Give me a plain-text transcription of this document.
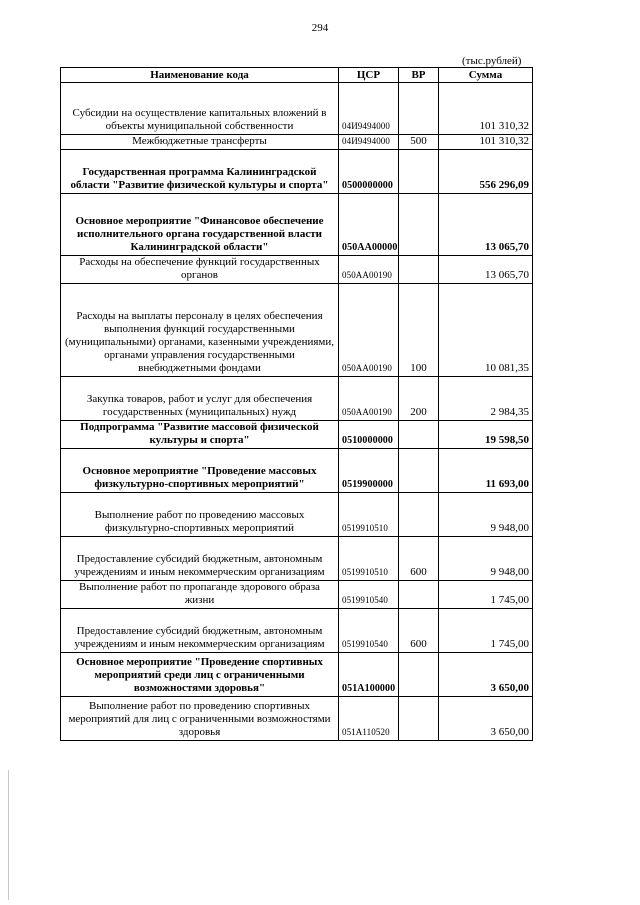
294
(тыс.рублей)
Наименование кода	ЦСР	ВР	Сумма
Субсидии на осуществление капитальных вложений в объекты муниципальной собственности	04И9494000		101 310,32
Межбюджетные трансферты	04И9494000	500	101 310,32
Государственная программа Калининградской области "Развитие физической культуры и спорта"	0500000000		556 296,09
Основное мероприятие "Финансовое обеспечение исполнительного органа государственной власти Калининградской области"	050АА00000		13 065,70
Расходы на обеспечение функций государственных органов	050АА00190		13 065,70
Расходы на выплаты персоналу в целях обеспечения выполнения функций государственными (муниципальными) органами, казенными учреждениями, органами управления государственными внебюджетными фондами	050АА00190	100	10 081,35
Закупка товаров, работ и услуг для обеспечения государственных (муниципальных) нужд	050АА00190	200	2 984,35
Подпрограмма "Развитие массовой физической культуры и спорта"	0510000000		19 598,50
Основное мероприятие "Проведение массовых физкультурно-спортивных мероприятий"	0519900000		11 693,00
Выполнение работ по проведению массовых физкультурно-спортивных мероприятий	0519910510		9 948,00
Предоставление субсидий бюджетным, автономным учреждениям и иным некоммерческим организациям	0519910510	600	9 948,00
Выполнение работ по пропаганде здорового образа жизни	0519910540		1 745,00
Предоставление субсидий бюджетным, автономным учреждениям и иным некоммерческим организациям	0519910540	600	1 745,00
Основное мероприятие "Проведение спортивных мероприятий среди лиц с ограниченными возможностями здоровья"	051А100000		3 650,00
Выполнение работ по проведению спортивных мероприятий для лиц с ограниченными возможностями здоровья	051А110520		3 650,00
